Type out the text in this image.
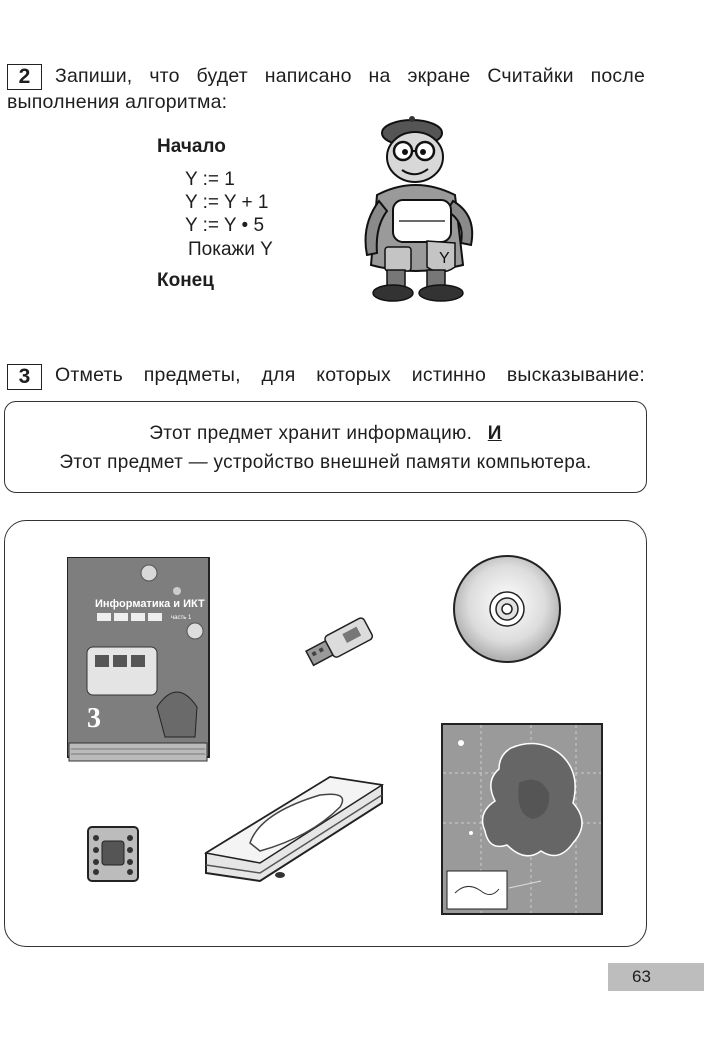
2	Запиши, что будет написано на экране Считайки после
выполнения алгоритма:
Начало
Y := 1
Y := Y + 1
Y := Y • 5
Покажи Y
Конец
Y
3	Отметь предметы, для которых истинно высказывание:
Этот предмет хранит информацию. И
Этот предмет — устройство внешней памяти компьютера.
Информатика и ИКТ
часть 1
3
63
